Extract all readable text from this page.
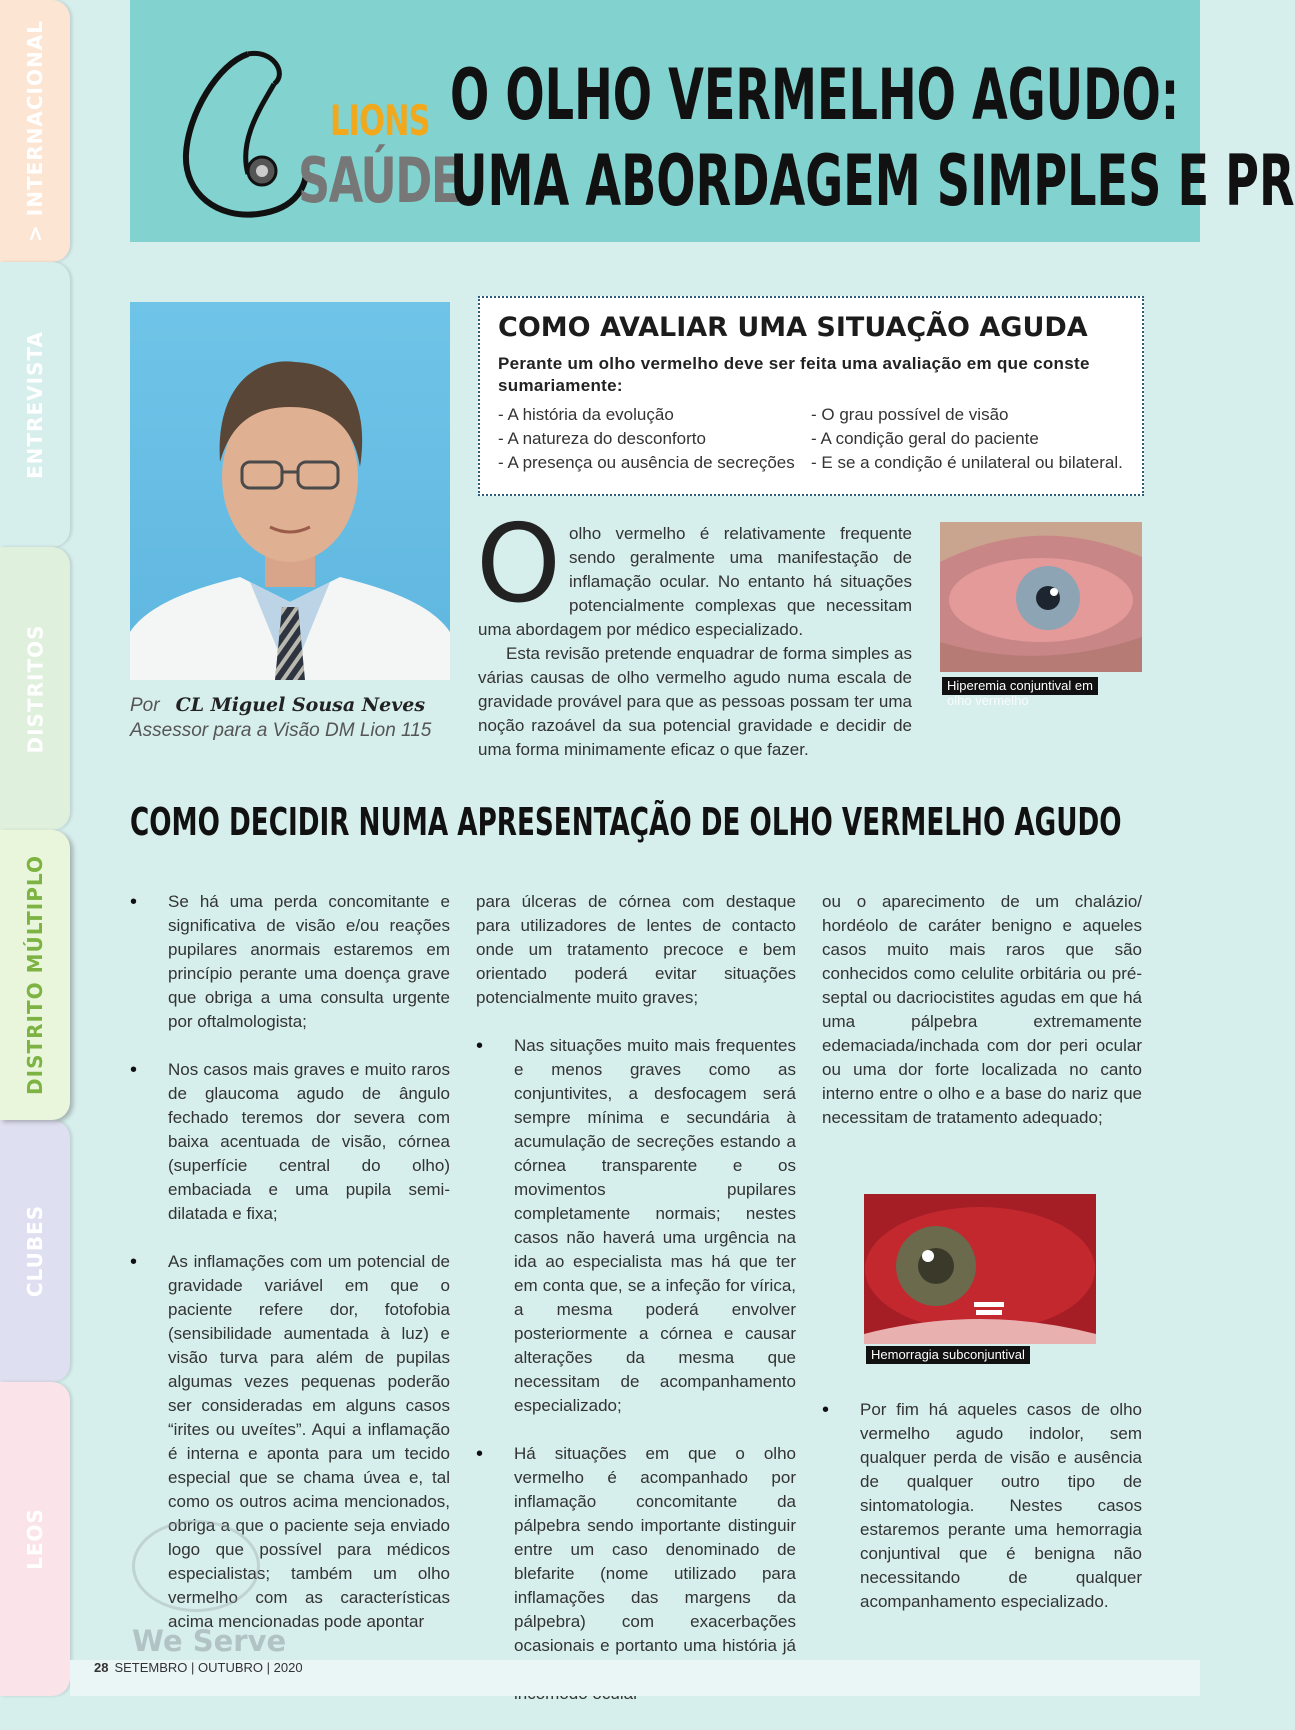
> INTERNACIONAL
ENTREVISTA
DISTRITOS
DISTRITO MÚLTIPLO
CLUBES
LEOS
LIONS
SAÚDE
O OLHO VERMELHO AGUDO:
UMA ABORDAGEM SIMPLES E PR
Por CL Miguel Sousa Neves
Assessor para a Visão DM Lion 115
COMO AVALIAR UMA SITUAÇÃO AGUDA
Perante um olho vermelho deve ser feita uma avaliação em que conste sumariamente:
- A história da evolução
- A natureza do desconforto
- A presença ou ausência de secreções
- O grau possível de visão
- A condição geral do paciente
- E se a condição é unilateral ou bilateral.

Oolho vermelho é relativamente frequente sendo geralmente uma manifestação de inflamação ocular. No entanto há situações potencialmente complexas que necessitam uma abordagem por médico especializado.

Esta revisão pretende enquadrar de forma simples as várias causas de olho vermelho agudo numa escala de gravidade provável para que as pessoas possam ter uma noção razoável da sua potencial gravidade e decidir de uma forma minimamente eficaz o que fazer.

Hiperemia conjuntival em
olho vermelho
COMO DECIDIR NUMA APRESENTAÇÃO DE OLHO VERMELHO AGUDO

• Se há uma perda concomitante e significativa de visão e/ou reações pupilares anormais estaremos em princípio perante uma doença grave que obriga a uma consulta urgente por oftalmologista;

• Nos casos mais graves e muito raros de glaucoma agudo de ângulo fechado teremos dor severa com baixa acentuada de visão, córnea (superfície central do olho) embaciada e uma pupila semi-dilatada e fixa;

• As inflamações com um potencial de gravidade variável em que o paciente refere dor, fotofobia (sensibilidade aumentada à luz) e visão turva para além de pupilas algumas vezes pequenas poderão ser consideradas em alguns casos “irites ou uveítes”. Aqui a inflamação é interna e aponta para um tecido especial que se chama úvea e, tal como os outros acima mencionados, obriga a que o paciente seja enviado logo que possível para médicos especialistas; também um olho vermelho com as características acima mencionadas pode apontar

para úlceras de córnea com destaque para utilizadores de lentes de contacto onde um tratamento precoce e bem orientado poderá evitar situações potencialmente muito graves;

• Nas situações muito mais frequentes e menos graves como as conjuntivites, a desfocagem será sempre mínima e secundária à acumulação de secreções estando a córnea transparente e os movimentos pupilares completamente normais; nestes casos não haverá uma urgência na ida ao especialista mas há que ter em conta que, se a infeção for vírica, a mesma poderá envolver posteriormente a córnea e causar alterações da mesma que necessitam de acompanhamento especializado;

• Há situações em que o olho vermelho é acompanhado por inflamação concomitante da pálpebra sendo importante distinguir entre um caso denominado de blefarite (nome utilizado para inflamações das margens da pálpebra) com exacerbações ocasionais e portanto uma história já

ou o aparecimento de um chalázio/ hordéolo de caráter benigno e aqueles casos muito mais raros que são conhecidos como celulite orbitária ou pré-septal ou dacriocistites agudas em que há uma pálpebra extremamente edemaciada/inchada com dor peri ocular ou uma dor forte localizada no canto interno entre o olho e a base do nariz que necessitam de tratamento adequado;

Hemorragia subconjuntival

• Por fim há aqueles casos de olho vermelho agudo indolor, sem qualquer perda de visão e ausência de qualquer outro tipo de sintomatologia. Nestes casos estaremos perante uma hemorragia conjuntival que é benigna não necessitando de qualquer acompanhamento especializado.

We Serve
28 SETEMBRO | OUTUBRO | 2020
